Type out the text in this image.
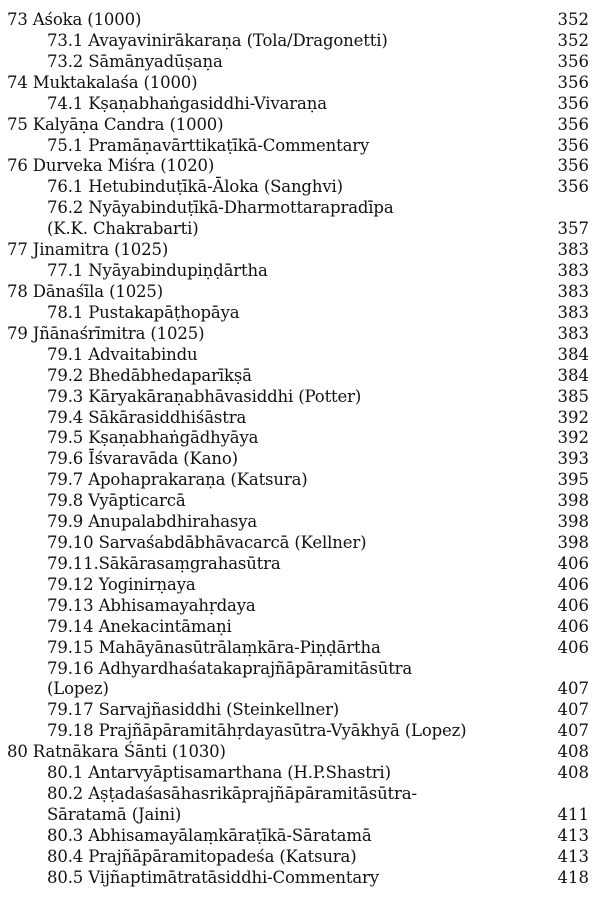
73 Aśoka (1000)	352
73.1 Avayavinirākaraṇa (Tola/Dragonetti)	352
73.2 Sāmānyadūṣaṇa	356
74 Muktakalaśa (1000)	356
74.1 Kṣaṇabhaṅgasiddhi-Vivaraṇa	356
75 Kalyāṇa Candra (1000)	356
75.1 Pramāṇavārttikaṭīkā-Commentary	356
76 Durveka Miśra (1020)	356
76.1 Hetubinduṭīkā-Āloka (Sanghvi)	356
76.2 Nyāyabinduṭīkā-Dharmottarapradīpa
(K.K. Chakrabarti)	357
77 Jinamitra (1025)	383
77.1 Nyāyabindupiṇḍārtha	383
78 Dānaśīla (1025)	383
78.1 Pustakapāṭhopāya	383
79 Jñānaśrīmitra (1025)	383
79.1 Advaitabindu	384
79.2 Bhedābhedaparīkṣā	384
79.3 Kāryakāraṇabhāvasiddhi (Potter)	385
79.4 Sākārasiddhiśāstra	392
79.5 Kṣaṇabhaṅgādhyāya	392
79.6 Īśvaravāda (Kano)	393
79.7 Apohaprakaraṇa (Katsura)	395
79.8 Vyāpticarcā	398
79.9 Anupalabdhirahasya	398
79.10 Sarvaśabdābhāvacarcā (Kellner)	398
79.11.Sākārasaṃgrahasūtra	406
79.12 Yoginirṇaya	406
79.13 Abhisamayahṛdaya	406
79.14 Anekacintāmaṇi	406
79.15 Mahāyānasūtrālaṃkāra-Piṇḍārtha	406
79.16 Adhyardhaśatakaprajñāpāramitāsūtra
(Lopez)	407
79.17 Sarvajñasiddhi (Steinkellner)	407
79.18 Prajñāpāramitāhṛdayasūtra-Vyākhyā (Lopez)	407
80 Ratnākara Śānti (1030)	408
80.1 Antarvyāptisamarthana (H.P.Shastri)	408
80.2 Aṣṭadaśasāhasrikāprajñāpāramitāsūtra-
Sāratamā (Jaini)	411
80.3 Abhisamayālaṃkāraṭīkā-Sāratamā	413
80.4 Prajñāpāramitopadeśa (Katsura)	413
80.5 Vijñaptimātratāsiddhi-Commentary	418
